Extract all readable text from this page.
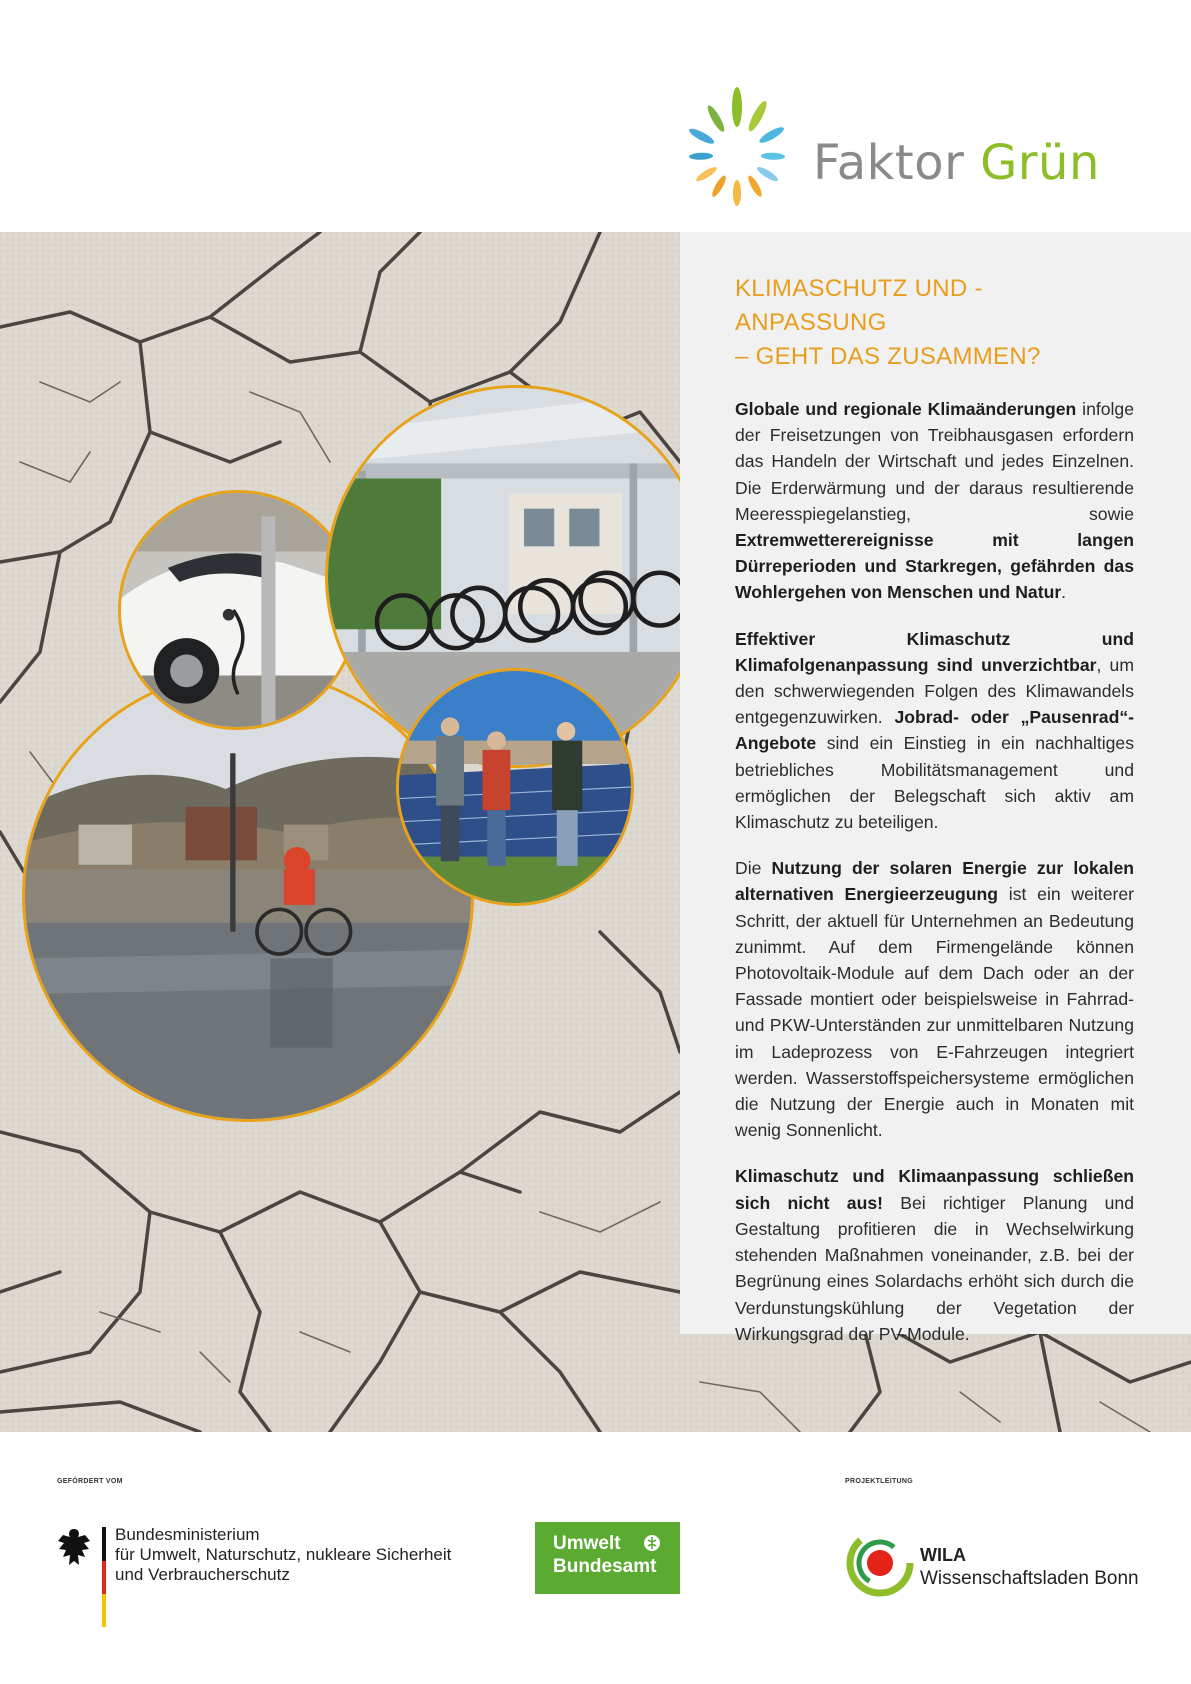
Faktor Grün
KLIMASCHUTZ UND -ANPASSUNG
– GEHT DAS ZUSAMMEN?

Globale und regionale Klimaänderungen infolge der Freisetzungen von Treibhausgasen erfordern das Handeln der Wirtschaft und jedes Einzelnen. Die Erderwärmung und der daraus resultierende Meeresspiegelanstieg, sowie Extremwetterereignisse mit langen Dürreperioden und Starkregen, gefährden das Wohlergehen von Menschen und Natur.

Effektiver Klimaschutz und Klimafolgenanpassung sind unverzichtbar, um den schwerwiegenden Folgen des Klimawandels entgegenzuwirken. Jobrad- oder „Pausenrad“- Angebote sind ein Einstieg in ein nachhaltiges betriebliches Mobilitätsmanagement und ermöglichen der Belegschaft sich aktiv am Klimaschutz zu beteiligen.

Die Nutzung der solaren Energie zur lokalen alternativen Energieerzeugung ist ein weiterer Schritt, der aktuell für Unternehmen an Bedeutung zunimmt. Auf dem Firmengelände können Photovoltaik-Module auf dem Dach oder an der Fassade montiert oder beispielsweise in Fahrrad- und PKW-Unterständen zur unmittelbaren Nutzung im Ladeprozess von E-Fahrzeugen integriert werden. Wasserstoffspeichersysteme ermöglichen die Nutzung der Energie auch in Monaten mit wenig Sonnenlicht.

Klimaschutz und Klimaanpassung schließen sich nicht aus! Bei richtiger Planung und Gestaltung profitieren die in Wechselwirkung stehenden Maßnahmen voneinander, z.B. bei der Begrünung eines Solardachs erhöht sich durch die Verdunstungskühlung der Vegetation der Wirkungsgrad der PV-Module.

GEFÖRDERT VOM	PROJEKTLEITUNG
Bundesministerium
für Umwelt, Naturschutz, nukleare Sicherheit
und Verbraucherschutz
Umwelt
Bundesamt
WILA
Wissenschaftsladen Bonn
